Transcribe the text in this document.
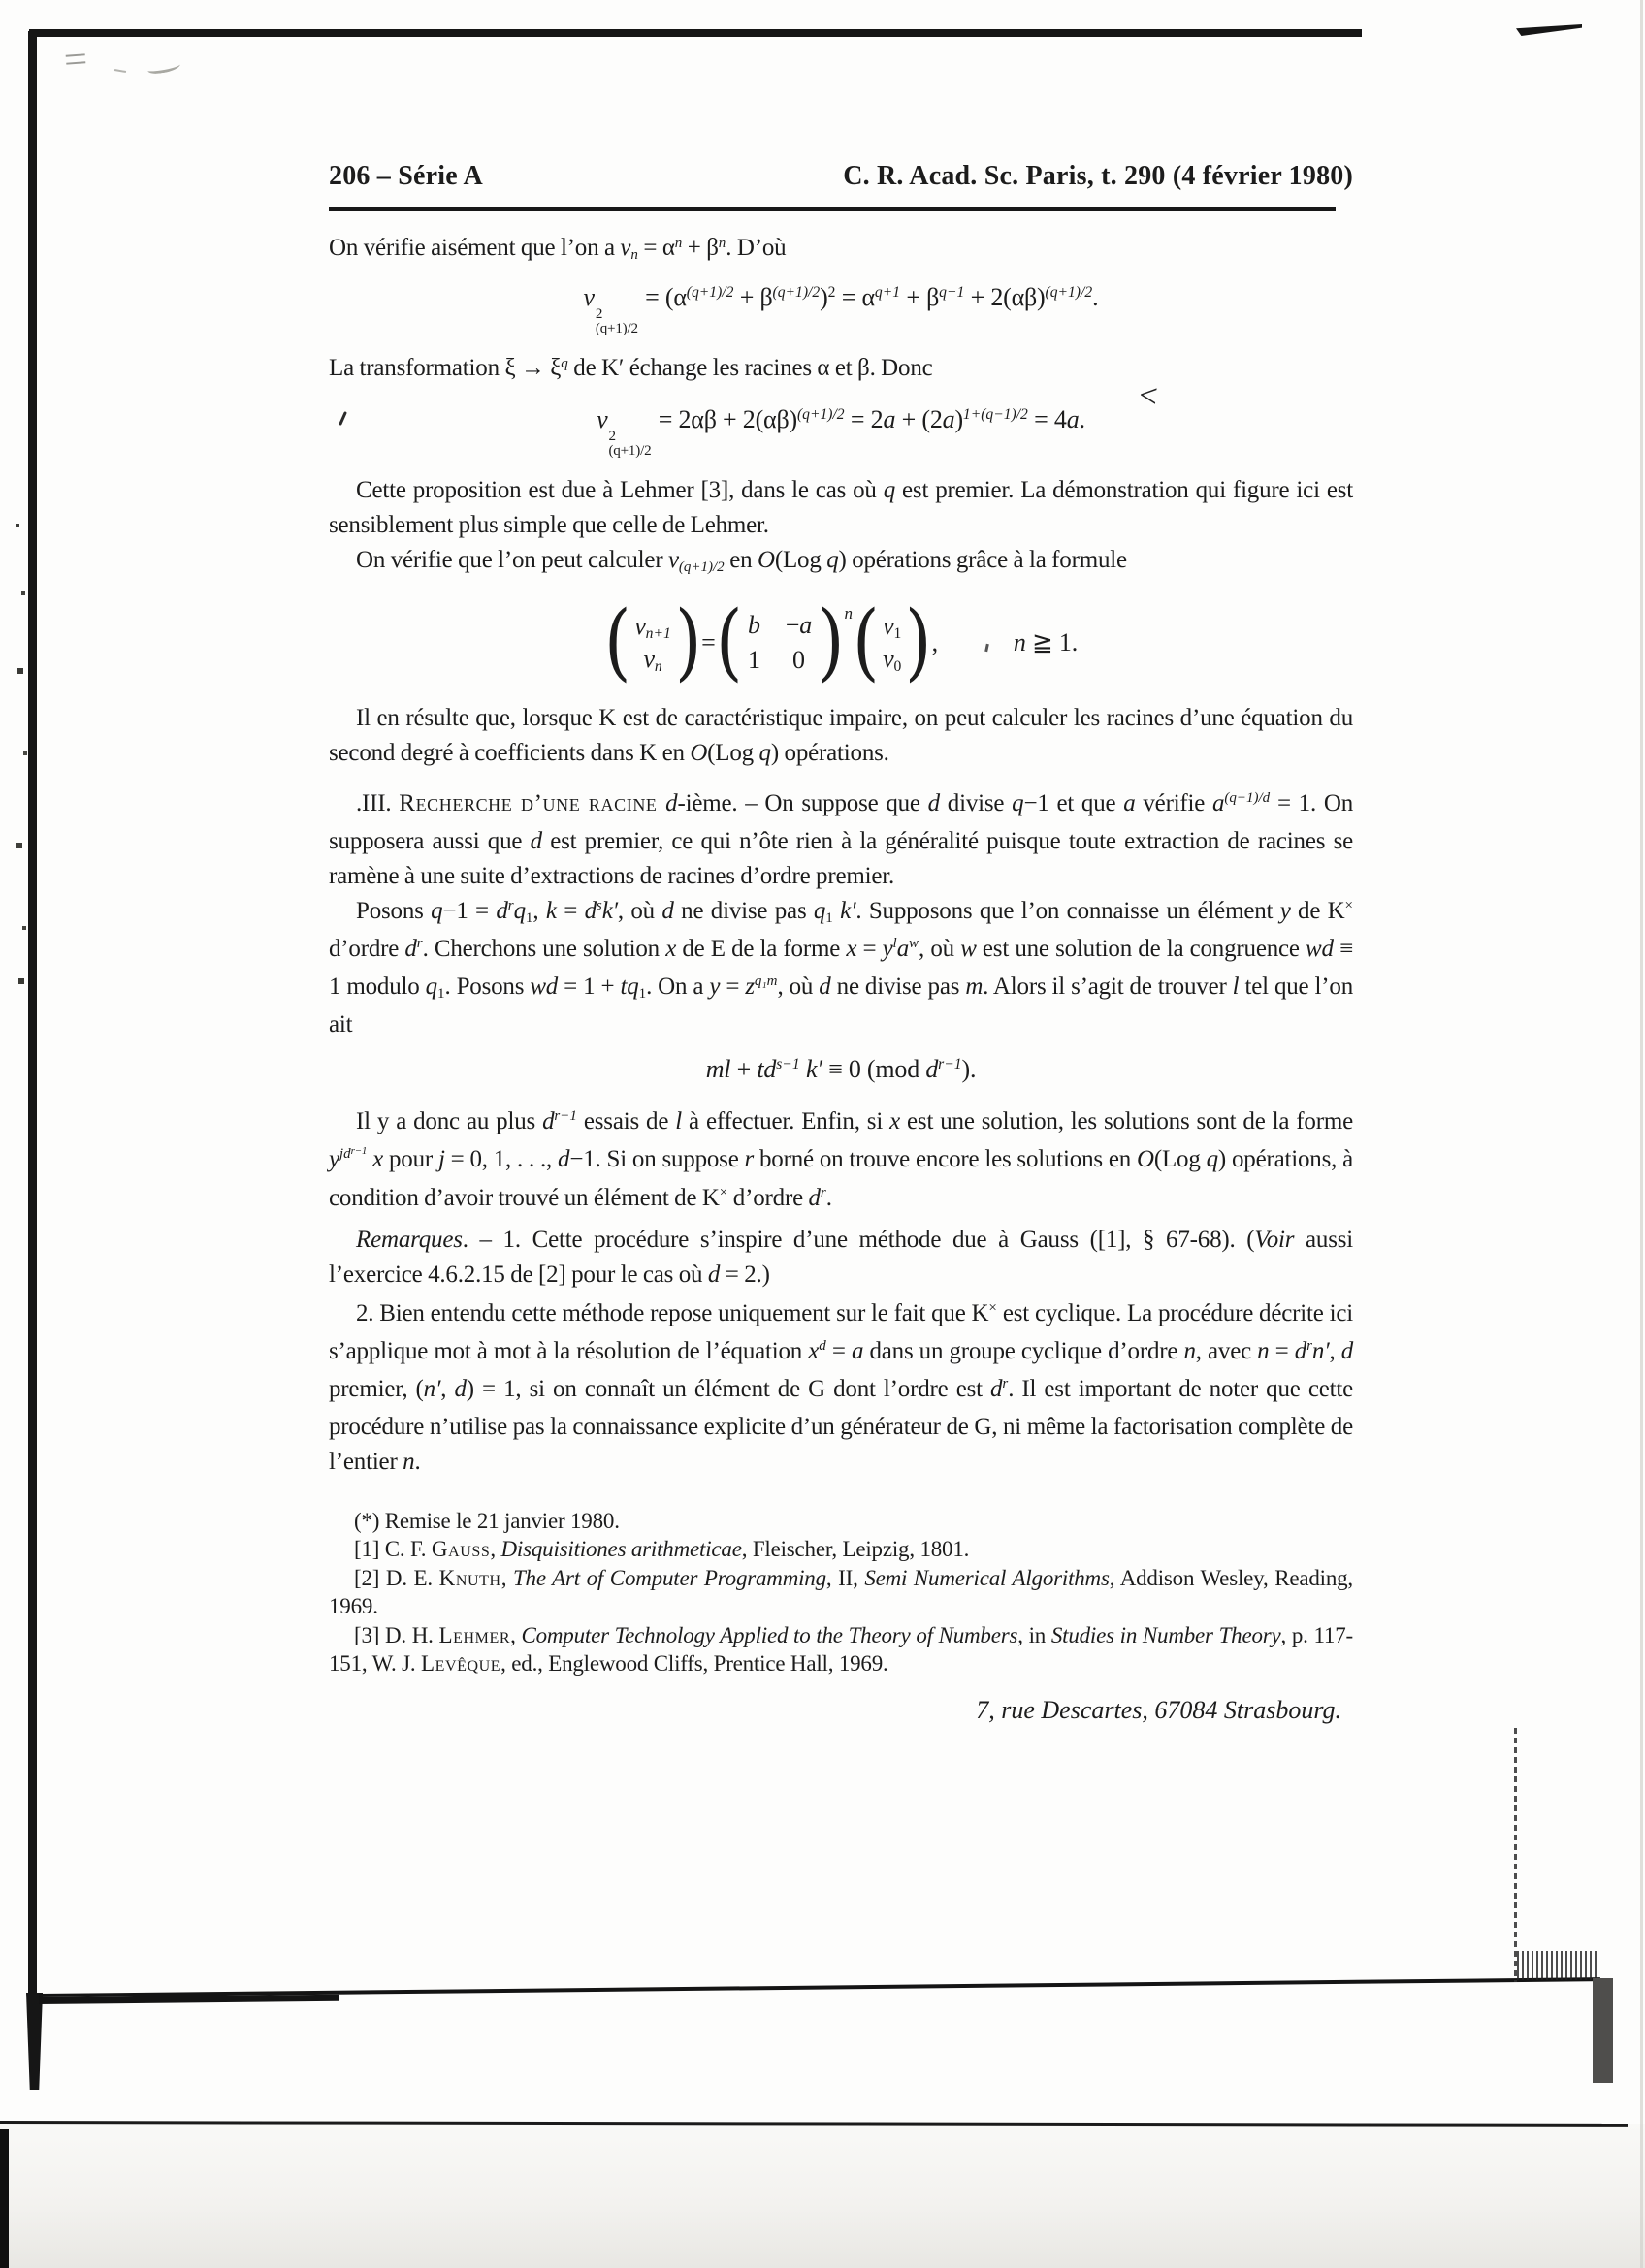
<
206 – Série A	C. R. Acad. Sc. Paris, t. 290 (4 février 1980)

On vérifie aisément que l’on a vn = $\alpha^n + \beta^n$. D’où

v
2
(q+1)/2
= $(\alpha^{(q+1)/2} + \beta^{(q+1)/2})^2 = \alpha^{q+1} + \beta^{q+1} + 2(\alpha\beta)^{(q+1)/2}$.

La transformation $\xi \to \xi^q$ de K′ échange les racines α et β. Donc

v
2
(q+1)/2
= $2\alpha\beta + 2(\alpha\beta)^{(q+1)/2} = 2a + (2a)^{1+(q-1)/2} = 4a$.

Cette proposition est due à Lehmer [3], dans le cas où q est premier. La démonstration qui figure ici est sensiblement plus simple que celle de Lehmer.

On vérifie que l’on peut calculer v(q+1)/2 en O(Log q) opérations grâce à la formule

( vn+1
vn ) = ( b −a
1 0 ) n ( v1
v0 ) ,	n ≧ 1.

Il en résulte que, lorsque K est de caractéristique impaire, on peut calculer les racines d’une équation du second degré à coefficients dans K en O(Log q) opérations.

.III. Recherche d’une racine d-ième. – On suppose que d divise q−1 et que a vérifie $a^{(q-1)/d} = 1$. On supposera aussi que d est premier, ce qui n’ôte rien à la généralité puisque toute extraction de racines se ramène à une suite d’extractions de racines d’ordre premier.

Posons $q-1 = d^rq1$, $k = d^sk'$, où d ne divise pas q1 k′. Supposons que l’on connaisse un élément y de K× d’ordre $d^r$. Cherchons une solution x de E de la forme $x = y^la^w$, où w est une solution de la congruence wd ≡ 1 modulo q1. Posons wd = 1 + tq1. On a $y = z^{q_1m}$, où d ne divise pas m. Alors il s’agit de trouver l tel que l’on ait

ml + $td^{s-1}$ k′ ≡ 0 (mod $d^{r-1}$).

Il y a donc au plus $d^{r-1}$ essais de l à effectuer. Enfin, si x est une solution, les solutions sont de la forme $y^{jdr-1}$ x pour j = 0, 1, . . ., d−1. Si on suppose r borné on trouve encore les solutions en O(Log q) opérations, à condition d’avoir trouvé un élément de K× d’ordre $d^r$.

Remarques. – 1. Cette procédure s’inspire d’une méthode due à Gauss ([1], § 67-68). (Voir aussi l’exercice 4.6.2.15 de [2] pour le cas où d = 2.)

2. Bien entendu cette méthode repose uniquement sur le fait que K× est cyclique. La procédure décrite ici s’applique mot à mot à la résolution de l’équation $x^d = a$ dans un groupe cyclique d’ordre n, avec $n = d^rn'$, d premier, (n′, d) = 1, si on connaît un élément de G dont l’ordre est $d^r$. Il est important de noter que cette procédure n’utilise pas la connaissance explicite d’un générateur de G, ni même la factorisation complète de l’entier n.

(*) Remise le 21 janvier 1980.

[1] C. F. Gauss, Disquisitiones arithmeticae, Fleischer, Leipzig, 1801.

[2] D. E. Knuth, The Art of Computer Programming, II, Semi Numerical Algorithms, Addison Wesley, Reading, 1969.

[3] D. H. Lehmer, Computer Technology Applied to the Theory of Numbers, in Studies in Number Theory, p. 117-151, W. J. Levêque, ed., Englewood Cliffs, Prentice Hall, 1969.

7, rue Descartes, 67084 Strasbourg.
